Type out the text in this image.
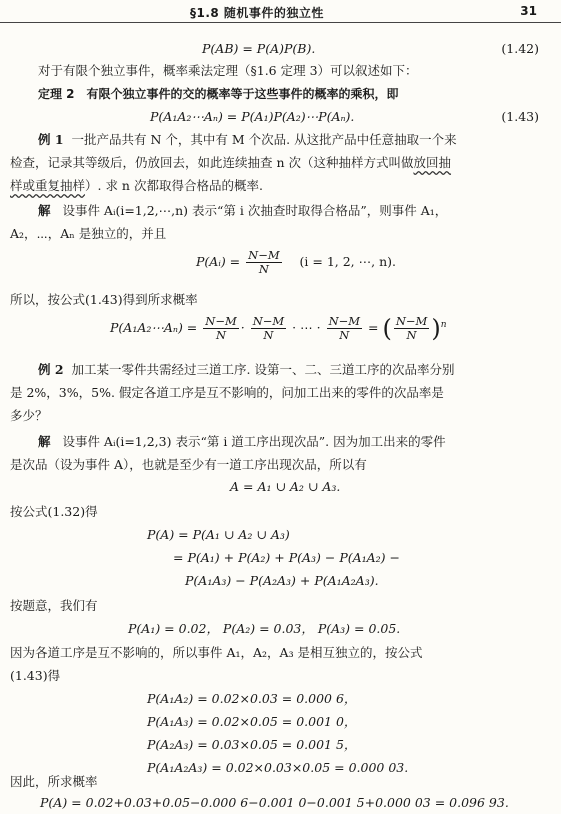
§1.8 随机事件的独立性	31
P(AB) = P(A)P(B).	(1.42)
对于有限个独立事件，概率乘法定理（§1.6 定理 3）可以叙述如下：
定理 2 有限个独立事件的交的概率等于这些事件的概率的乘积，即
P(A₁A₂⋯Aₙ) = P(A₁)P(A₂)⋯P(Aₙ).	(1.43)
例 1 一批产品共有 N 个，其中有 M 个次品. 从这批产品中任意抽取一个来
检查，记录其等级后，仍放回去，如此连续抽查 n 次（这种抽样方式叫做放回抽
样或重复抽样）. 求 n 次都取得合格品的概率.
解 设事件 Aᵢ(i=1,2,⋯,n) 表示“第 i 次抽查时取得合格品”，则事件 A₁，
A₂，⋯，Aₙ 是独立的，并且
P(Aᵢ) = $\frac{N-M}{N} (i = 1$, 2, ⋯, n).
所以，按公式(1.43)得到所求概率
P(A₁A₂⋯Aₙ) = $\frac{N-M}{N} \cdot \frac{N-M}{N}$ · ⋯ · $\frac{N-M}{N}$ = ( $\frac{N-M}{N} )^n$
例 2 加工某一零件共需经过三道工序. 设第一、二、三道工序的次品率分别
是 2%，3%，5%. 假定各道工序是互不影响的，问加工出来的零件的次品率是
多少？
解 设事件 Aᵢ(i=1,2,3) 表示“第 i 道工序出现次品”. 因为加工出来的零件
是次品（设为事件 A），也就是至少有一道工序出现次品，所以有
A = A₁ ∪ A₂ ∪ A₃.
按公式(1.32)得
P(A) = P(A₁ ∪ A₂ ∪ A₃)
= P(A₁) + P(A₂) + P(A₃) − P(A₁A₂) −
P(A₁A₃) − P(A₂A₃) + P(A₁A₂A₃).
按题意，我们有
P(A₁) = 0.02， P(A₂) = 0.03， P(A₃) = 0.05.
因为各道工序是互不影响的，所以事件 A₁，A₂，A₃ 是相互独立的，按公式
(1.43)得
P(A₁A₂) = 0.02×0.03 = 0.000 6，
P(A₁A₃) = 0.02×0.05 = 0.001 0，
P(A₂A₃) = 0.03×0.05 = 0.001 5，
P(A₁A₂A₃) = 0.02×0.03×0.05 = 0.000 03.
因此，所求概率
P(A) = 0.02+0.03+0.05−0.000 6−0.001 0−0.001 5+0.000 03 = 0.096 93.
